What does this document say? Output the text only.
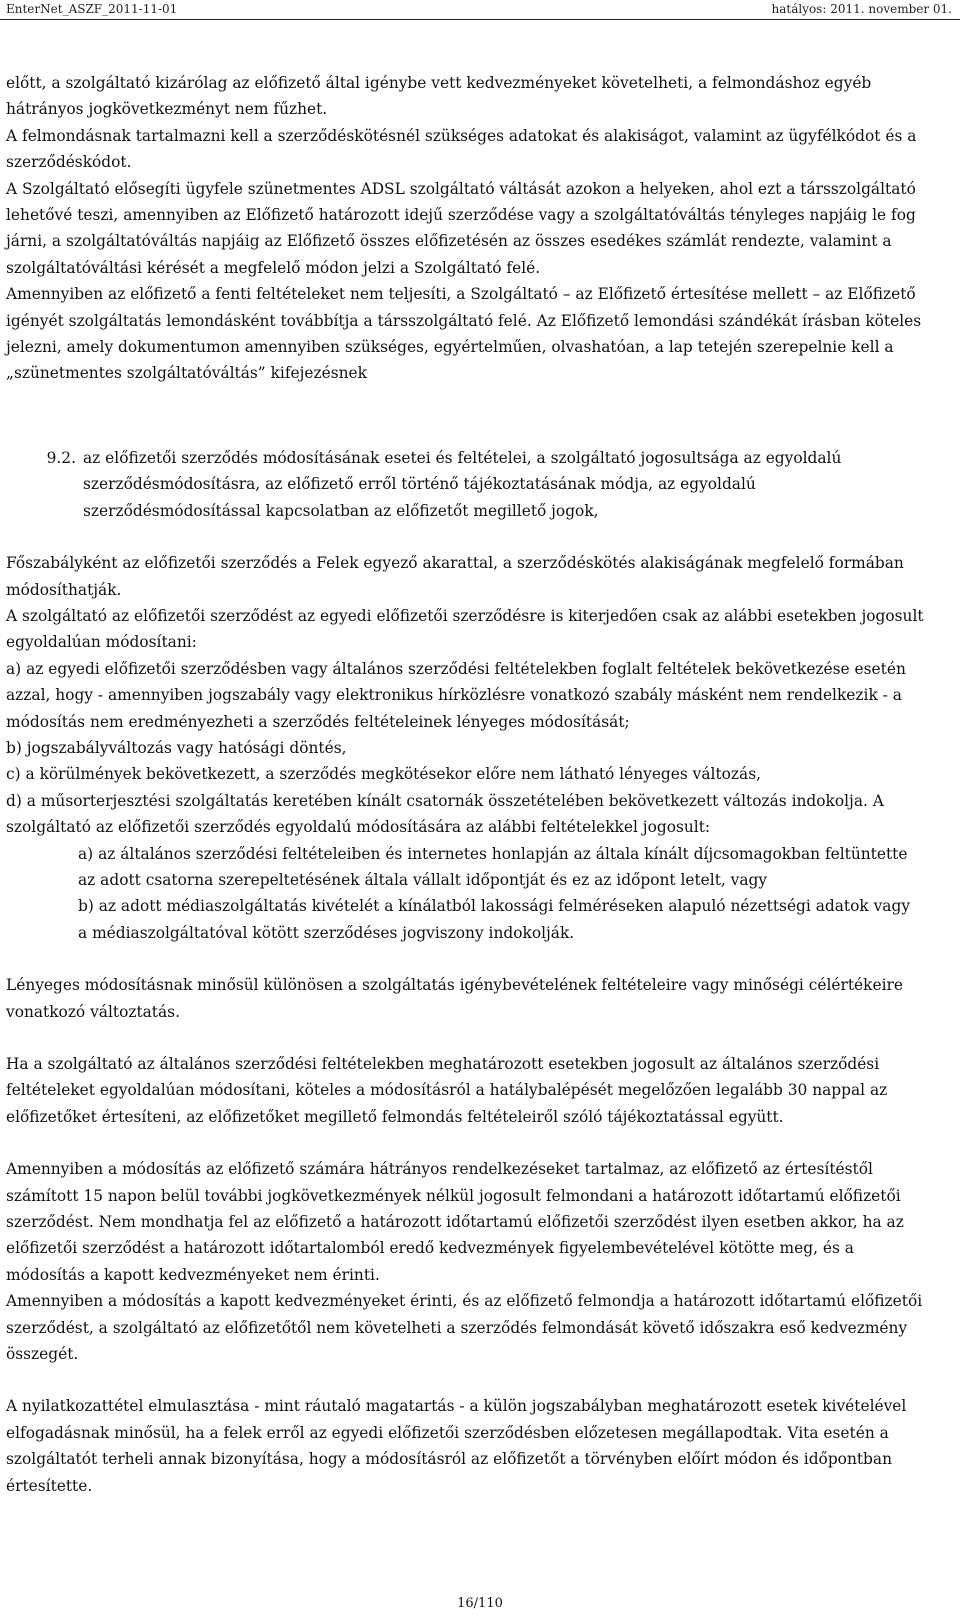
EnterNet_ASZF_2011-11-01	hatályos: 2011. november 01.

előtt, a szolgáltató kizárólag az előfizető által igénybe vett kedvezményeket követelheti, a felmondáshoz egyéb hátrányos jogkövetkezményt nem fűzhet.

A felmondásnak tartalmazni kell a szerződéskötésnél szükséges adatokat és alakiságot, valamint az ügyfélkódot és a szerződéskódot.

A Szolgáltató elősegíti ügyfele szünetmentes ADSL szolgáltató váltását azokon a helyeken, ahol ezt a társszolgáltató lehetővé teszi, amennyiben az Előfizető határozott idejű szerződése vagy a szolgáltatóváltás tényleges napjáig le fog járni, a szolgáltatóváltás napjáig az Előfizető összes előfizetésén az összes esedékes számlát rendezte, valamint a szolgáltatóváltási kérését a megfelelő módon jelzi a Szolgáltató felé.

Amennyiben az előfizető a fenti feltételeket nem teljesíti, a Szolgáltató – az Előfizető értesítése mellett – az Előfizető igényét szolgáltatás lemondásként továbbítja a társszolgáltató felé. Az Előfizető lemondási szándékát írásban köteles jelezni, amely dokumentumon amennyiben szükséges, egyértelműen, olvashatóan, a lap tetején szerepelnie kell a „szünetmentes szolgáltatóváltás” kifejezésnek

9.2. az előfizetői szerződés módosításának esetei és feltételei, a szolgáltató jogosultsága az egyoldalú szerződésmódosításra, az előfizető erről történő tájékoztatásának módja, az egyoldalú szerződésmódosítással kapcsolatban az előfizetőt megillető jogok,

Főszabályként az előfizetői szerződés a Felek egyező akarattal, a szerződéskötés alakiságának megfelelő formában módosíthatják.

A szolgáltató az előfizetői szerződést az egyedi előfizetői szerződésre is kiterjedően csak az alábbi esetekben jogosult egyoldalúan módosítani:

a) az egyedi előfizetői szerződésben vagy általános szerződési feltételekben foglalt feltételek bekövetkezése esetén azzal, hogy - amennyiben jogszabály vagy elektronikus hírközlésre vonatkozó szabály másként nem rendelkezik - a módosítás nem eredményezheti a szerződés feltételeinek lényeges módosítását;

b) jogszabályváltozás vagy hatósági döntés,

c) a körülmények bekövetkezett, a szerződés megkötésekor előre nem látható lényeges változás,

d) a műsorterjesztési szolgáltatás keretében kínált csatornák összetételében bekövetkezett változás indokolja. A szolgáltató az előfizetői szerződés egyoldalú módosítására az alábbi feltételekkel jogosult:

a) az általános szerződési feltételeiben és internetes honlapján az általa kínált díjcsomagokban feltüntette az adott csatorna szerepeltetésének általa vállalt időpontját és ez az időpont letelt, vagy

b) az adott médiaszolgáltatás kivételét a kínálatból lakossági felméréseken alapuló nézettségi adatok vagy a médiaszolgáltatóval kötött szerződéses jogviszony indokolják.

Lényeges módosításnak minősül különösen a szolgáltatás igénybevételének feltételeire vagy minőségi célértékeire vonatkozó változtatás.

Ha a szolgáltató az általános szerződési feltételekben meghatározott esetekben jogosult az általános szerződési feltételeket egyoldalúan módosítani, köteles a módosításról a hatálybalépését megelőzően legalább 30 nappal az előfizetőket értesíteni, az előfizetőket megillető felmondás feltételeiről szóló tájékoztatással együtt.

Amennyiben a módosítás az előfizető számára hátrányos rendelkezéseket tartalmaz, az előfizető az értesítéstől számított 15 napon belül további jogkövetkezmények nélkül jogosult felmondani a határozott időtartamú előfizetői szerződést. Nem mondhatja fel az előfizető a határozott időtartamú előfizetői szerződést ilyen esetben akkor, ha az előfizetői szerződést a határozott időtartalomból eredő kedvezmények figyelembevételével kötötte meg, és a módosítás a kapott kedvezményeket nem érinti.

Amennyiben a módosítás a kapott kedvezményeket érinti, és az előfizető felmondja a határozott időtartamú előfizetői szerződést, a szolgáltató az előfizetőtől nem követelheti a szerződés felmondását követő időszakra eső kedvezmény összegét.

A nyilatkozattétel elmulasztása - mint ráutaló magatartás - a külön jogszabályban meghatározott esetek kivételével elfogadásnak minősül, ha a felek erről az egyedi előfizetői szerződésben előzetesen megállapodtak. Vita esetén a szolgáltatót terheli annak bizonyítása, hogy a módosításról az előfizetőt a törvényben előírt módon és időpontban értesítette.

16/110
